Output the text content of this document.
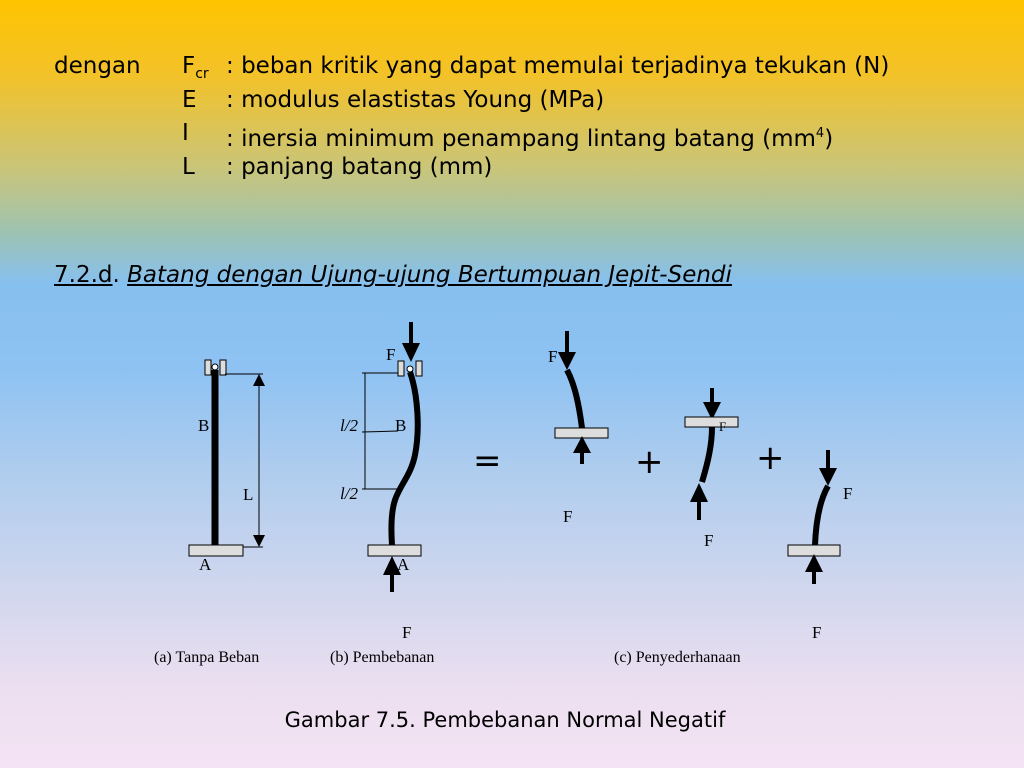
dengan $F_{cr}$ : beban kritik yang dapat memulai terjadinya tekukan (N)
E : modulus elastistas Young (MPa)
I : inersia minimum penampang lintang batang $(mm^4)$
L : panjang batang (mm)
7.2.d. Batang dengan Ujung-ujung Bertumpuan Jepit-Sendi
B
A
L
F
l/2
l/2
B
A
F
=	+	+
F
F
F
F
F
F
(a) Tanpa Beban	(b) Pembebanan	(c) Penyederhanaan
Gambar 7.5. Pembebanan Normal Negatif
